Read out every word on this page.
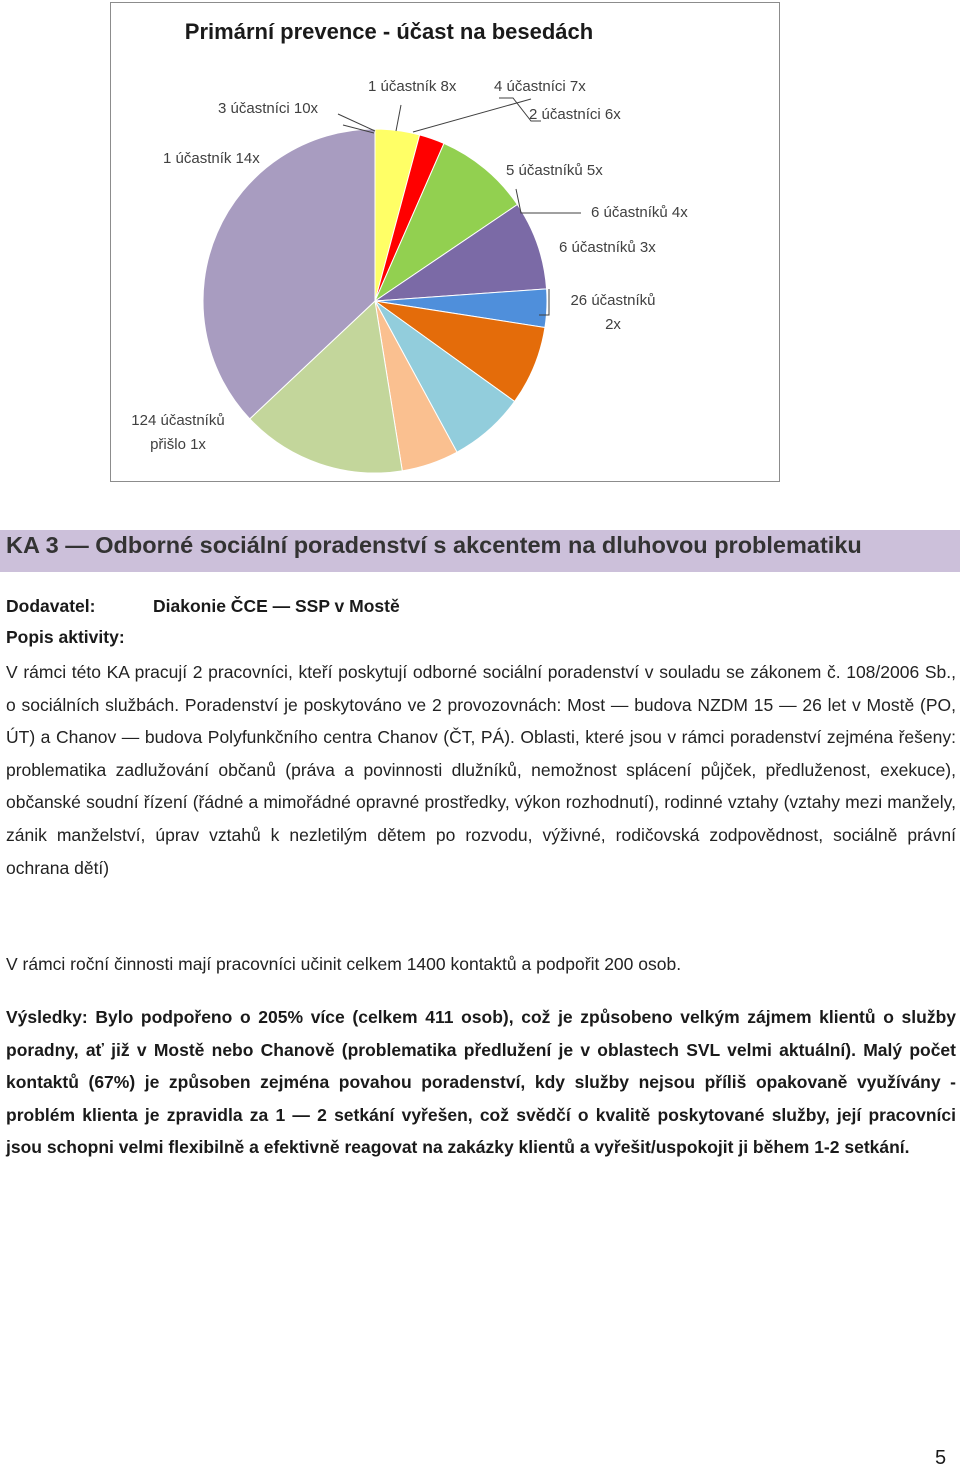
Primární prevence - účast na besedách
1 účastník 14x
1 účastník 8x
3 účastníci 10x
4 účastníci 7x
2 účastníci 6x
5 účastníků 5x
6 účastníků 4x
6 účastníků 3x
26 účastníků 2x
124 účastníků přišlo 1x
KA 3 — Odborné sociální poradenství s akcentem na dluhovou problematiku
Dodavatel:	Diakonie ČCE — SSP v Mostě
Popis aktivity:
V rámci této KA pracují 2 pracovníci, kteří poskytují odborné sociální poradenství v souladu se zákonem č. 108/2006 Sb., o sociálních službách. Poradenství je poskytováno ve 2 provozovnách: Most — budova NZDM 15 — 26 let v Mostě (PO, ÚT) a Chanov — budova Polyfunkčního centra Chanov (ČT, PÁ). Oblasti, které jsou v rámci poradenství zejména řešeny: problematika zadlužování občanů (práva a povinnosti dlužníků, nemožnost splácení půjček, předluženost, exekuce), občanské soudní řízení (řádné a mimořádné opravné prostředky, výkon rozhodnutí), rodinné vztahy (vztahy mezi manžely, zánik manželství, úprav vztahů k nezletilým dětem po rozvodu, výživné, rodičovská zodpovědnost, sociálně právní ochrana dětí)
V rámci roční činnosti mají pracovníci učinit celkem 1400 kontaktů a podpořit 200 osob.
Výsledky: Bylo podpořeno o 205% více (celkem 411 osob), což je způsobeno velkým zájmem klientů o služby poradny, ať již v Mostě nebo Chanově (problematika předlužení je v oblastech SVL velmi aktuální). Malý počet kontaktů (67%) je způsoben zejména povahou poradenství, kdy služby nejsou příliš opakovaně využívány - problém klienta je zpravidla za 1 — 2 setkání vyřešen, což svědčí o kvalitě poskytované služby, její pracovníci jsou schopni velmi flexibilně a efektivně reagovat na zakázky klientů a vyřešit/uspokojit ji během 1-2 setkání.
5
